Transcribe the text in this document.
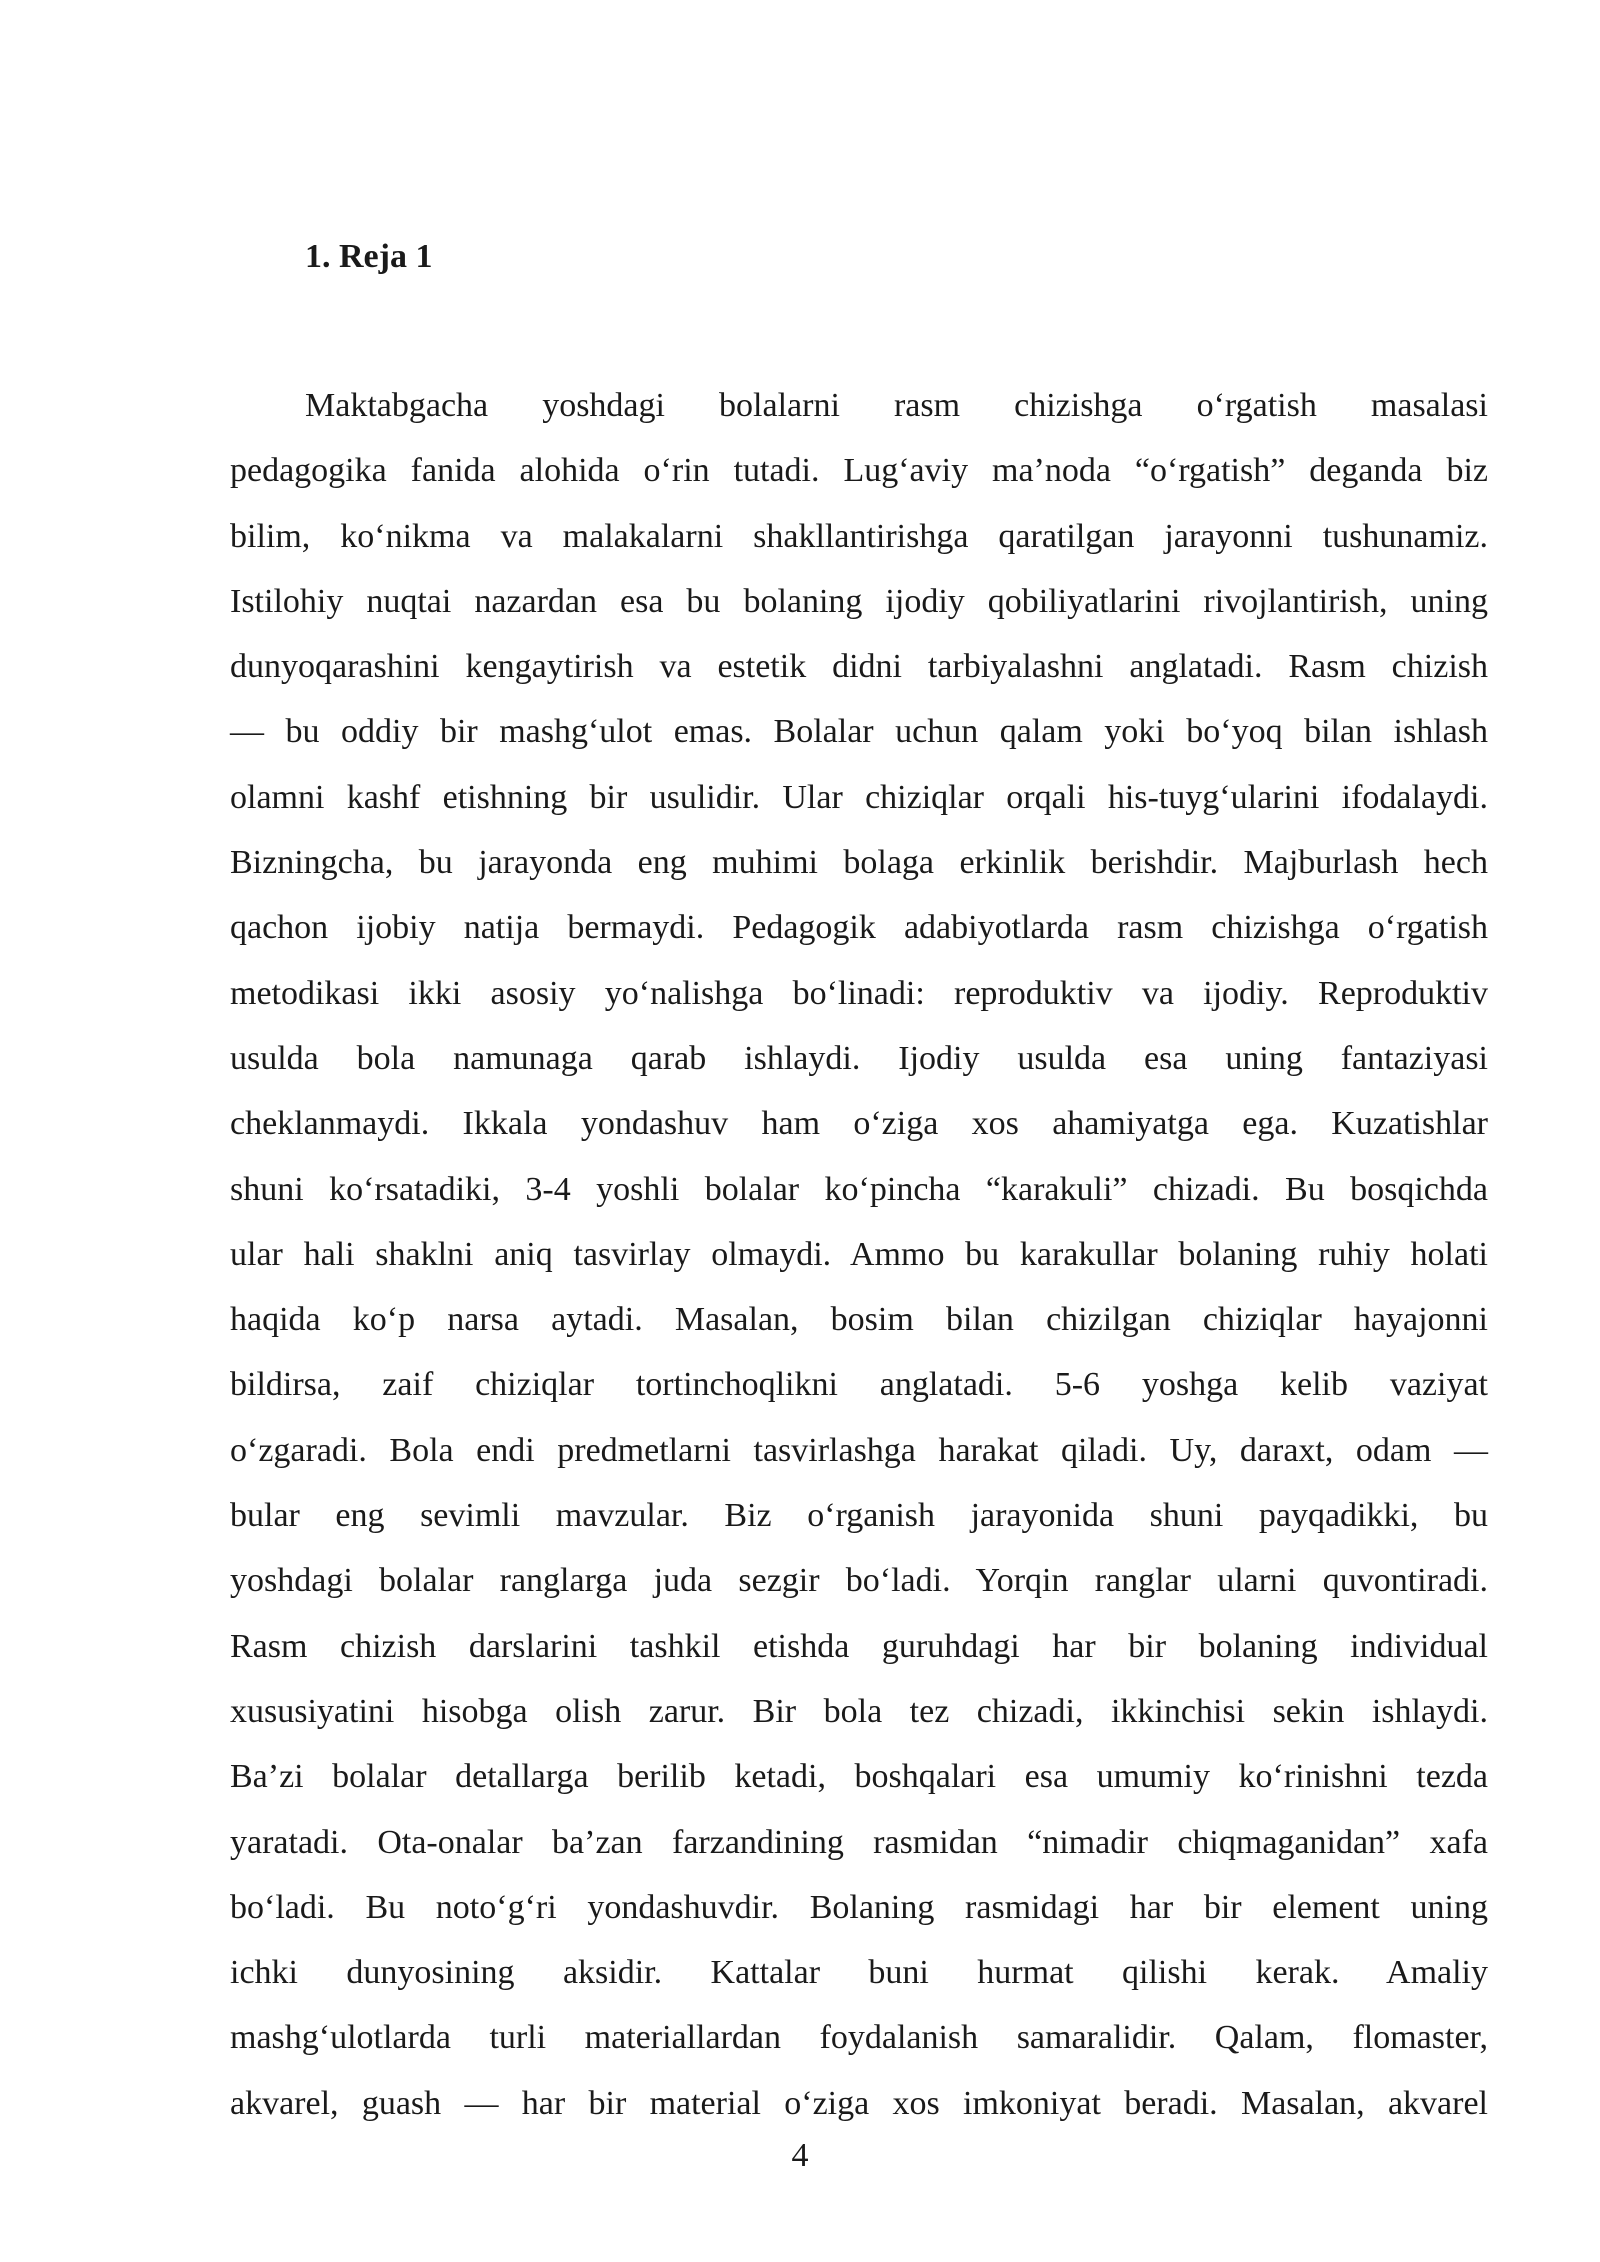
1. Reja 1
Maktabgacha yoshdagi bolalarni rasm chizishga o‘rgatish masalasi
pedagogika fanida alohida o‘rin tutadi. Lug‘aviy ma’noda “o‘rgatish” deganda biz
bilim, ko‘nikma va malakalarni shakllantirishga qaratilgan jarayonni tushunamiz.
Istilohiy nuqtai nazardan esa bu bolaning ijodiy qobiliyatlarini rivojlantirish, uning
dunyoqarashini kengaytirish va estetik didni tarbiyalashni anglatadi. Rasm chizish
— bu oddiy bir mashg‘ulot emas. Bolalar uchun qalam yoki bo‘yoq bilan ishlash
olamni kashf etishning bir usulidir. Ular chiziqlar orqali his-tuyg‘ularini ifodalaydi.
Bizningcha, bu jarayonda eng muhimi bolaga erkinlik berishdir. Majburlash hech
qachon ijobiy natija bermaydi. Pedagogik adabiyotlarda rasm chizishga o‘rgatish
metodikasi ikki asosiy yo‘nalishga bo‘linadi: reproduktiv va ijodiy. Reproduktiv
usulda bola namunaga qarab ishlaydi. Ijodiy usulda esa uning fantaziyasi
cheklanmaydi. Ikkala yondashuv ham o‘ziga xos ahamiyatga ega. Kuzatishlar
shuni ko‘rsatadiki, 3-4 yoshli bolalar ko‘pincha “karakuli” chizadi. Bu bosqichda
ular hali shaklni aniq tasvirlay olmaydi. Ammo bu karakullar bolaning ruhiy holati
haqida ko‘p narsa aytadi. Masalan, bosim bilan chizilgan chiziqlar hayajonni
bildirsa, zaif chiziqlar tortinchoqlikni anglatadi. 5-6 yoshga kelib vaziyat
o‘zgaradi. Bola endi predmetlarni tasvirlashga harakat qiladi. Uy, daraxt, odam —
bular eng sevimli mavzular. Biz o‘rganish jarayonida shuni payqadikki, bu
yoshdagi bolalar ranglarga juda sezgir bo‘ladi. Yorqin ranglar ularni quvontiradi.
Rasm chizish darslarini tashkil etishda guruhdagi har bir bolaning individual
xususiyatini hisobga olish zarur. Bir bola tez chizadi, ikkinchisi sekin ishlaydi.
Ba’zi bolalar detallarga berilib ketadi, boshqalari esa umumiy ko‘rinishni tezda
yaratadi. Ota-onalar ba’zan farzandining rasmidan “nimadir chiqmaganidan” xafa
bo‘ladi. Bu noto‘g‘ri yondashuvdir. Bolaning rasmidagi har bir element uning
ichki dunyosining aksidir. Kattalar buni hurmat qilishi kerak. Amaliy
mashg‘ulotlarda turli materiallardan foydalanish samaralidir. Qalam, flomaster,
akvarel, guash — har bir material o‘ziga xos imkoniyat beradi. Masalan, akvarel
4
